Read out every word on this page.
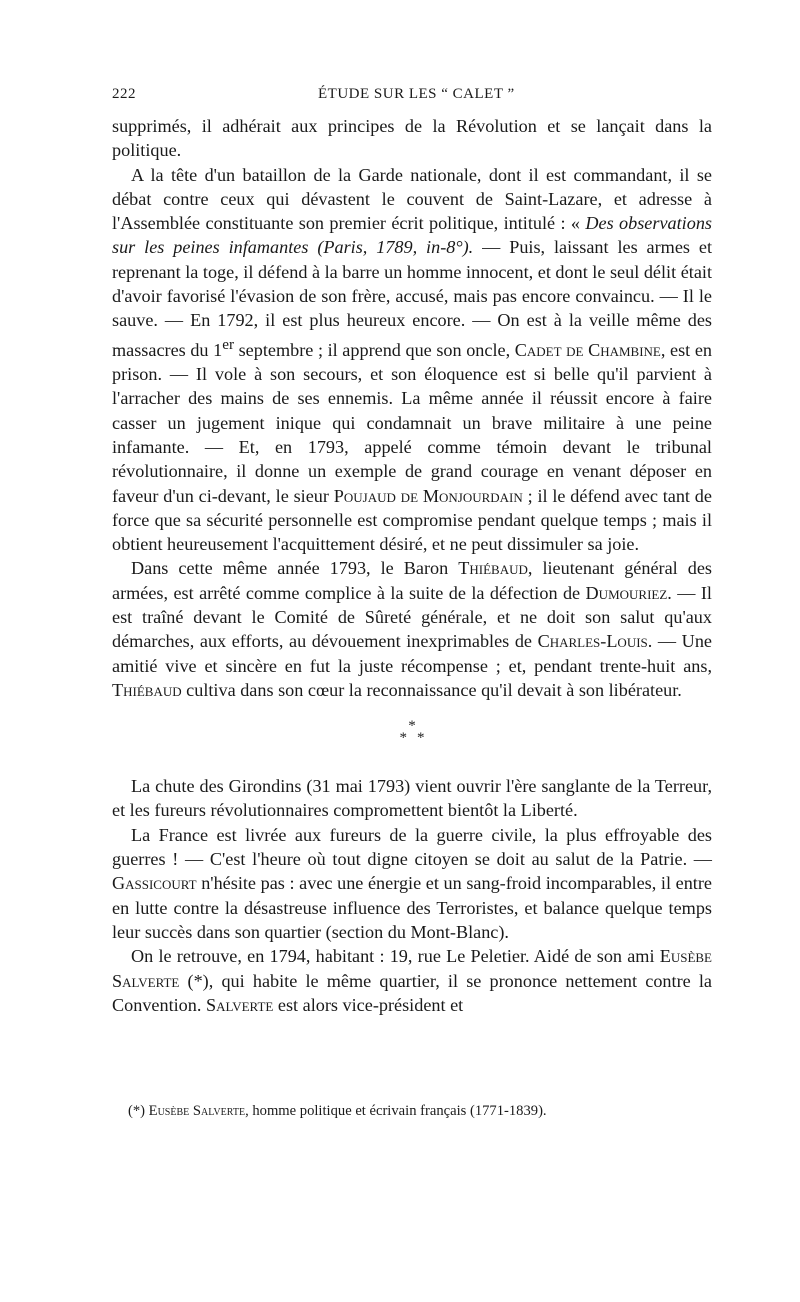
222	ÉTUDE SUR LES “ CALET ”

supprimés, il adhérait aux principes de la Révolution et se lançait dans la politique.

A la tête d'un bataillon de la Garde nationale, dont il est commandant, il se débat contre ceux qui dévastent le couvent de Saint-Lazare, et adresse à l'Assemblée constituante son premier écrit politique, intitulé : « Des observations sur les peines infamantes (Paris, 1789, in-8°). — Puis, laissant les armes et reprenant la toge, il défend à la barre un homme innocent, et dont le seul délit était d'avoir favorisé l'évasion de son frère, accusé, mais pas encore convaincu. — Il le sauve. — En 1792, il est plus heureux encore. — On est à la veille même des massacres du 1er septembre ; il apprend que son oncle, Cadet de Chambine, est en prison. — Il vole à son secours, et son éloquence est si belle qu'il parvient à l'arracher des mains de ses ennemis. La même année il réussit encore à faire casser un jugement inique qui condamnait un brave militaire à une peine infamante. — Et, en 1793, appelé comme témoin devant le tribunal révolutionnaire, il donne un exemple de grand courage en venant déposer en faveur d'un ci-devant, le sieur Poujaud de Monjourdain ; il le défend avec tant de force que sa sécurité personnelle est compromise pendant quelque temps ; mais il obtient heureusement l'acquittement désiré, et ne peut dissimuler sa joie.

Dans cette même année 1793, le Baron Thiébaud, lieutenant général des armées, est arrêté comme complice à la suite de la défection de Dumouriez. — Il est traîné devant le Comité de Sûreté générale, et ne doit son salut qu'aux démarches, aux efforts, au dévouement inexprimables de Charles-Louis. — Une amitié vive et sincère en fut la juste récompense ; et, pendant trente-huit ans, Thiébaud cultiva dans son cœur la reconnaissance qu'il devait à son libérateur.

*
**

La chute des Girondins (31 mai 1793) vient ouvrir l'ère sanglante de la Terreur, et les fureurs révolutionnaires compromettent bientôt la Liberté.

La France est livrée aux fureurs de la guerre civile, la plus effroyable des guerres ! — C'est l'heure où tout digne citoyen se doit au salut de la Patrie. — Gassicourt n'hésite pas : avec une énergie et un sang-froid incomparables, il entre en lutte contre la désastreuse influence des Terroristes, et balance quelque temps leur succès dans son quartier (section du Mont-Blanc).

On le retrouve, en 1794, habitant : 19, rue Le Peletier. Aidé de son ami Eusèbe Salverte (*), qui habite le même quartier, il se prononce nettement contre la Convention. Salverte est alors vice-président et

(*) Eusèbe Salverte, homme politique et écrivain français (1771-1839).
